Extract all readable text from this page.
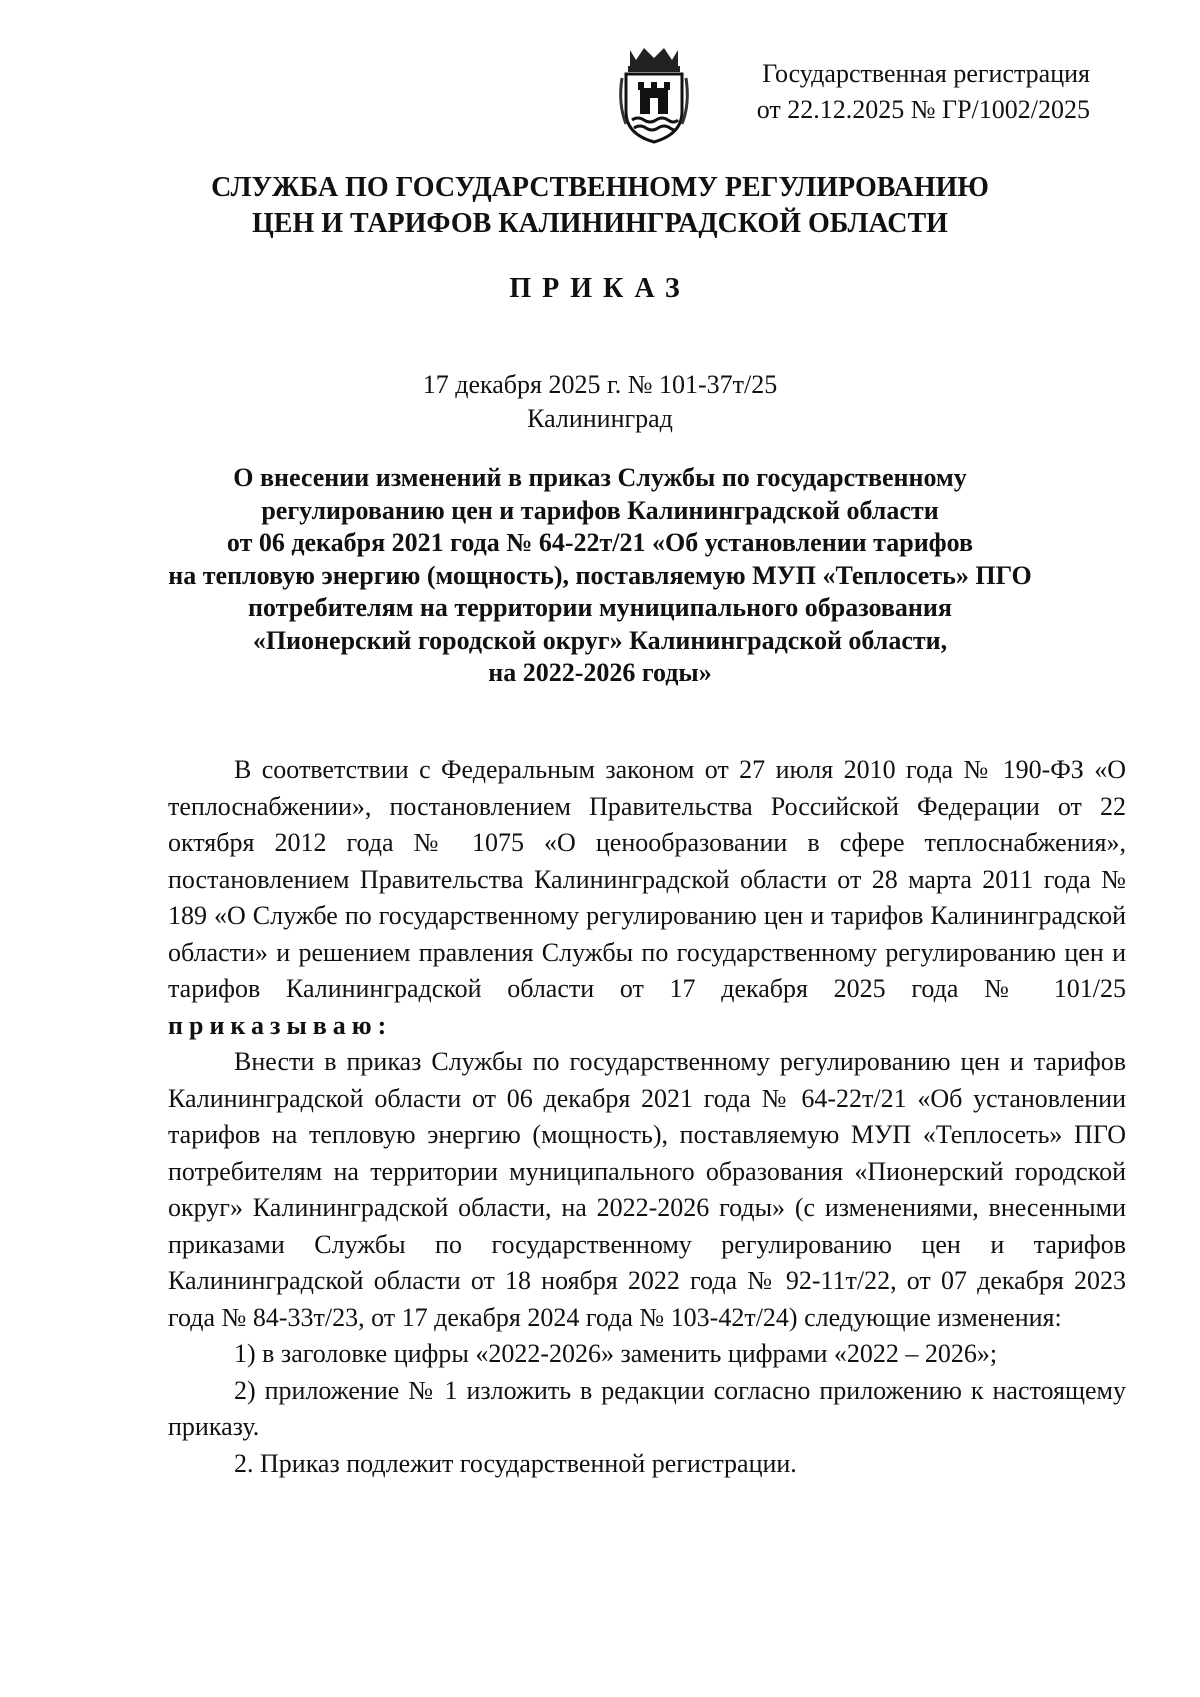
Государственная регистрация
от 22.12.2025 № ГР/1002/2025
СЛУЖБА ПО ГОСУДАРСТВЕННОМУ РЕГУЛИРОВАНИЮ
ЦЕН И ТАРИФОВ КАЛИНИНГРАДСКОЙ ОБЛАСТИ
ПРИКАЗ
17 декабря 2025 г. № 101-37т/25
Калининград
О внесении изменений в приказ Службы по государственному
регулированию цен и тарифов Калининградской области
от 06 декабря 2021 года № 64-22т/21 «Об установлении тарифов
на тепловую энергию (мощность), поставляемую МУП «Теплосеть» ПГО
потребителям на территории муниципального образования
«Пионерский городской округ» Калининградской области,
на 2022-2026 годы»

В соответствии с Федеральным законом от 27 июля 2010 года № 190-ФЗ «О теплоснабжении», постановлением Правительства Российской Федерации от 22 октября 2012 года № 1075 «О ценообразовании в сфере теплоснабжения», постановлением Правительства Калининградской области от 28 марта 2011 года № 189 «О Службе по государственному регулированию цен и тарифов Калининградской области» и решением правления Службы по государственному регулированию цен и тарифов Калининградской области от 17 декабря 2025 года № 101/25 приказываю:

Внести в приказ Службы по государственному регулированию цен и тарифов Калининградской области от 06 декабря 2021 года № 64-22т/21 «Об установлении тарифов на тепловую энергию (мощность), поставляемую МУП «Теплосеть» ПГО потребителям на территории муниципального образования «Пионерский городской округ» Калининградской области, на 2022-2026 годы» (с изменениями, внесенными приказами Службы по государственному регулированию цен и тарифов Калининградской области от 18 ноября 2022 года № 92-11т/22, от 07 декабря 2023 года № 84-33т/23, от 17 декабря 2024 года № 103-42т/24) следующие изменения:

1) в заголовке цифры «2022-2026» заменить цифрами «2022 – 2026»;

2) приложение № 1 изложить в редакции согласно приложению к настоящему приказу.

2. Приказ подлежит государственной регистрации.
